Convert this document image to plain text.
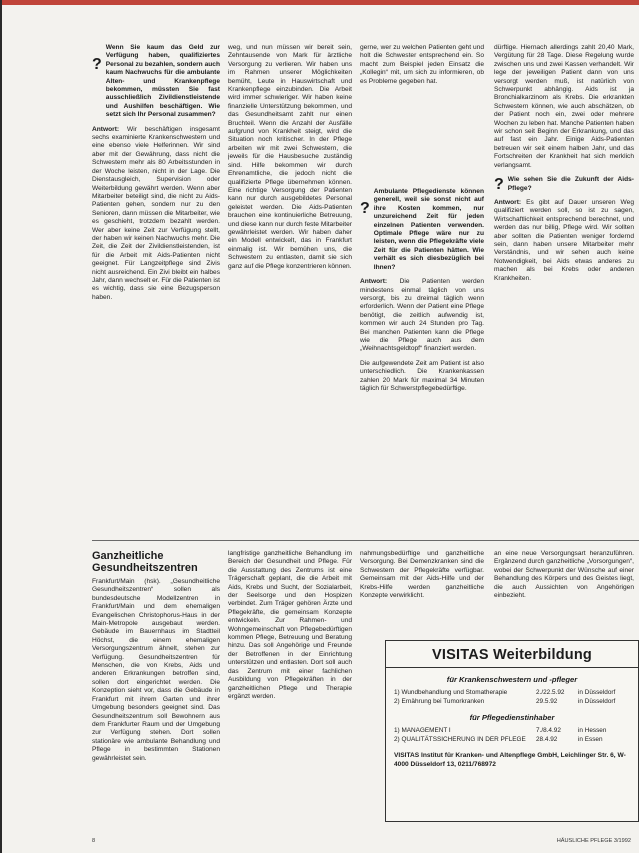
?
Wenn Sie kaum das Geld zur Verfügung haben, qualifiziertes Personal zu bezahlen, sondern auch kaum Nachwuchs für die ambulante Alten- und Krankenpflege bekommen, müssten Sie fast ausschließlich Zivildienstleistende und Aushilfen beschäftigen. Wie setzt sich Ihr Personal zusammen?

Antwort: Wir beschäftigen insgesamt sechs examinierte Krankenschwestern und eine ebenso viele Helferinnen. Wir sind aber mit der Gewährung, dass nicht die Schwestern mehr als 80 Arbeitsstunden in der Woche leisten, nicht in der Lage. Die Dienstausgleich, Supervision oder Weiterbildung gewährt werden. Wenn aber Mitarbeiter beteiligt sind, die nicht zu Aids-Patienten gehen, sondern nur zu den Senioren, dann müssen die Mitarbeiter, wie es geschieht, trotzdem bezahlt werden. Wer aber keine Zeit zur Verfügung stellt, der haben wir keinen Nachwuchs mehr. Die Zeit, die Zeit der Zivildienstleistenden, ist für die Arbeit mit Aids-Patienten nicht geeignet. Für Langzeitpflege sind Zivis nicht ausreichend. Ein Zivi bleibt ein halbes Jahr, dann wechselt er. Für die Patienten ist es wichtig, dass sie eine Bezugsperson haben.

weg, und nun müssen wir bereit sein, Zehntausende von Mark für ärztliche Versorgung zu verlieren. Wir haben uns im Rahmen unserer Möglichkeiten bemüht, Leute in Hauswirtschaft und Krankenpflege einzubinden. Die Arbeit wird immer schwieriger. Wir haben keine finanzielle Unterstützung bekommen, und das Gesundheitsamt zahlt nur einen Bruchteil. Wenn die Anzahl der Ausfälle aufgrund von Krankheit steigt, wird die Situation noch kritischer. In der Pflege arbeiten wir mit zwei Schwestern, die jeweils für die Hausbesuche zuständig sind. Hilfe bekommen wir durch Ehrenamtliche, die jedoch nicht die qualifizierte Pflege übernehmen können. Eine richtige Versorgung der Patienten kann nur durch ausgebildetes Personal geleistet werden. Die Aids-Patienten brauchen eine kontinuierliche Betreuung, und diese kann nur durch feste Mitarbeiter gewährleistet werden. Wir haben daher ein Modell entwickelt, das in Frankfurt einmalig ist. Wir bemühen uns, die Schwestern zu entlasten, damit sie sich ganz auf die Pflege konzentrieren können.

gerne, wer zu welchen Patienten geht und holt die Schwester entsprechend ein. So macht zum Beispiel jeden Einsatz die „Kollegin“ mit, um sich zu informieren, ob es Probleme gegeben hat.

?
Ambulante Pflegedienste können generell, weil sie sonst nicht auf ihre Kosten kommen, nur unzureichend Zeit für jeden einzelnen Patienten verwenden. Optimale Pflege wäre nur zu leisten, wenn die Pflegekräfte viele Zeit für die Patienten hätten. Wie verhält es sich diesbezüglich bei Ihnen?

Antwort: Die Patienten werden mindestens einmal täglich von uns versorgt, bis zu dreimal täglich wenn erforderlich. Wenn der Patient eine Pflege benötigt, die zeitlich aufwendig ist, kommen wir auch 24 Stunden pro Tag. Bei manchen Patienten kann die Pflege wie die Pflege auch aus dem „Weihnachtsgeldtopf“ finanziert werden.

Die aufgewendete Zeit am Patient ist also unterschiedlich. Die Krankenkassen zahlen 20 Mark für maximal 34 Minuten täglich für Schwerstpflegebedürftige.

dürftige. Hiernach allerdings zahlt 20,40 Mark, Vergütung für 28 Tage. Diese Regelung wurde zwischen uns und zwei Kassen verhandelt. Wir lege der jeweiligen Patient dann von uns versorgt werden muß, ist natürlich von Schwerpunkt abhängig. Aids ist ja Bronchialkarzinom als Krebs. Die erkrankten Schwestern können, wie auch abschätzen, ob der Patient noch ein, zwei oder mehrere Wochen zu leben hat. Manche Patienten haben wir schon seit Beginn der Erkrankung, und das auf fast ein Jahr. Einige Aids-Patienten betreuen wir seit einem halben Jahr, und das Fortschreiten der Krankheit hat sich merklich verlangsamt.

? Wie sehen Sie die Zukunft der Aids-Pflege?

Antwort: Es gibt auf Dauer unseren Weg qualifiziert werden soll, so ist zu sagen, Wirtschaftlichkeit entsprechend berechnet, und werden das nur billig, Pflege wird. Wir sollten aber sollten die Patienten weniger fordernd sein, dann haben unsere Mitarbeiter mehr Verständnis, und wir sehen auch keine Notwendigkeit, bei Aids etwas anderes zu machen als bei Krebs oder anderen Krankheiten.

Ganzheitliche Gesundheitszentren

Frankfurt/Main (hsk). „Gesundheitliche Gesundheitszentren“ sollen als bundesdeutsche Modellzentren in Frankfurt/Main und dem ehemaligen Evangelischen Christophorus-Haus in der Main-Metropole ausgebaut werden. Gebäude im Bauernhaus im Stadtteil Höchst, die einem ehemaligen Versorgungszentrum ähnelt, stehen zur Verfügung. Gesundheitszentren für Menschen, die von Krebs, Aids und anderen Erkrankungen betroffen sind, sollen dort eingerichtet werden. Die Konzeption sieht vor, dass die Gebäude in Frankfurt mit ihrem Garten und ihrer Umgebung besonders geeignet sind. Das Gesundheitszentrum soll Bewohnern aus dem Frankfurter Raum und der Umgebung zur Verfügung stehen. Dort sollen stationäre wie ambulante Behandlung und Pflege in bestimmten Stationen gewährleistet sein.

langfristige ganzheitliche Behandlung im Bereich der Gesundheit und Pflege. Für die Ausstattung des Zentrums ist eine Trägerschaft geplant, die die Arbeit mit Aids, Krebs und Sucht, der Sozialarbeit, der Seelsorge und den Hospizen verbindet. Zum Träger gehören Ärzte und Pflegekräfte, die gemeinsam Konzepte entwickeln. Zur Rahmen- und Wohngemeinschaft von Pflegebedürftigen kommen Pflege, Betreuung und Beratung hinzu. Das soll Angehörige und Freunde der Betroffenen in der Einrichtung unterstützen und entlasten. Dort soll auch das Zentrum mit einer fachlichen Ausbildung von Pflegekräften in der ganzheitlichen Pflege und Therapie ergänzt werden.

nahmungsbedürftige und ganzheitliche Versorgung. Bei Demenzkranken sind die Schwestern der Pflegekräfte verfügbar. Gemeinsam mit der Aids-Hilfe und der Krebs-Hilfe werden ganzheitliche Konzepte verwirklicht.

an eine neue Versorgungsart heranzuführen. Ergänzend durch ganzheitliche „Vorsorgungen“, wobei der Schwerpunkt der Wünsche auf einer Behandlung des Körpers und des Geistes liegt, die auch Aussichten von Angehörigen einbezieht.

VISITAS Weiterbildung
für Krankenschwestern und -pfleger
1) Wundbehandlung und Stomatherapie	2./22.5.92	in Düsseldorf
2) Ernährung bei Tumorkranken	29.5.92	in Düsseldorf
für Pflegedienstinhaber
1) MANAGEMENT I	7./8.4.92	in Hessen
2) QUALITÄTSSICHERUNG IN DER PFLEGE	28.4.92	in Essen
VISITAS Institut für Kranken- und Altenpflege GmbH, Leichlinger Str. 6, W-4000 Düsseldorf 13, 0211/768972
8	HÄUSLICHE PFLEGE 3/1992
